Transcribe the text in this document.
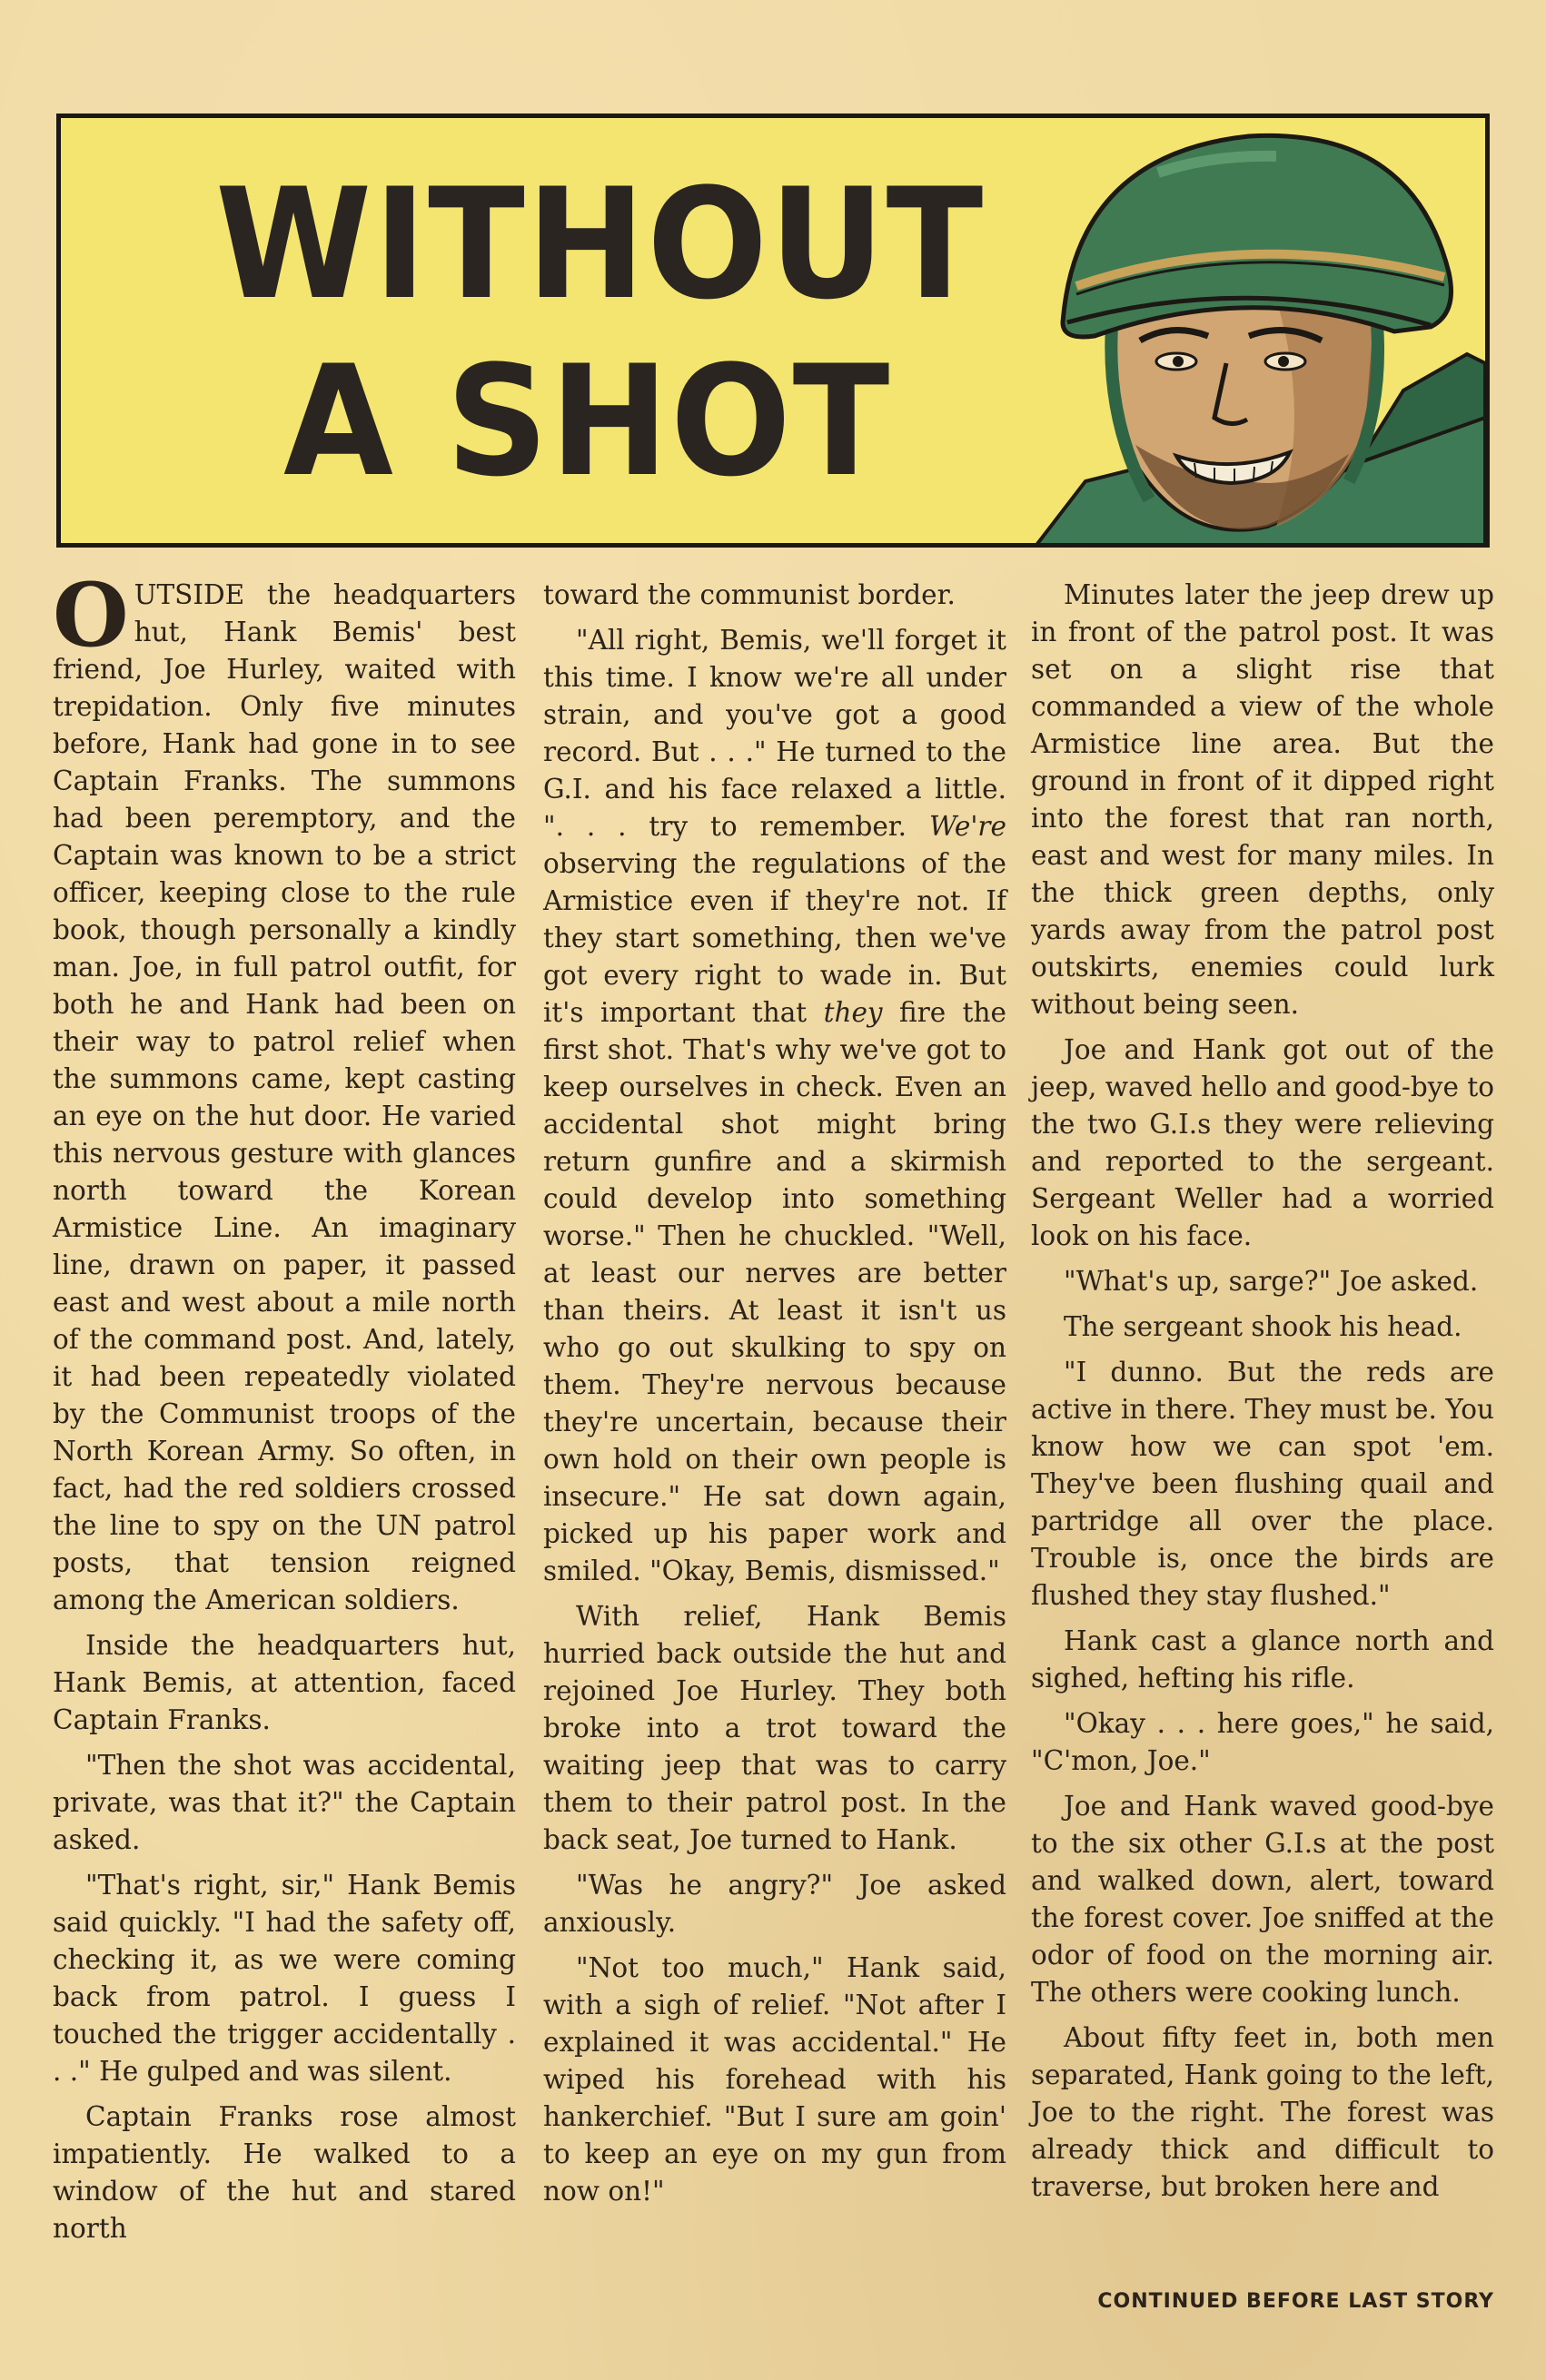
WITHOUT
A SHOT

OUTSIDE the headquarters hut, Hank Bemis' best friend, Joe Hurley, waited with trepidation. Only five minutes before, Hank had gone in to see Captain Franks. The summons had been peremptory, and the Captain was known to be a strict officer, keeping close to the rule book, though personally a kindly man. Joe, in full patrol outfit, for both he and Hank had been on their way to patrol relief when the summons came, kept casting an eye on the hut door. He varied this nervous gesture with glances north toward the Korean Armistice Line. An imaginary line, drawn on paper, it passed east and west about a mile north of the command post. And, lately, it had been repeatedly violated by the Communist troops of the North Korean Army. So often, in fact, had the red soldiers crossed the line to spy on the UN patrol posts, that tension reigned among the American soldiers.

Inside the headquarters hut, Hank Bemis, at attention, faced Captain Franks.

"Then the shot was accidental, private, was that it?" the Captain asked.

"That's right, sir," Hank Bemis said quickly. "I had the safety off, checking it, as we were coming back from patrol. I guess I touched the trigger accidentally . . ." He gulped and was silent.

Captain Franks rose almost impatiently. He walked to a window of the hut and stared north

toward the communist border.

"All right, Bemis, we'll forget it this time. I know we're all under strain, and you've got a good record. But . . ." He turned to the G.I. and his face relaxed a little. ". . . try to remember. We're observing the regulations of the Armistice even if they're not. If they start something, then we've got every right to wade in. But it's important that they fire the first shot. That's why we've got to keep ourselves in check. Even an accidental shot might bring return gunfire and a skirmish could develop into something worse." Then he chuckled. "Well, at least our nerves are better than theirs. At least it isn't us who go out skulking to spy on them. They're nervous because they're uncertain, because their own hold on their own people is insecure." He sat down again, picked up his paper work and smiled. "Okay, Bemis, dismissed."

With relief, Hank Bemis hurried back outside the hut and rejoined Joe Hurley. They both broke into a trot toward the waiting jeep that was to carry them to their patrol post. In the back seat, Joe turned to Hank.

"Was he angry?" Joe asked anxiously.

"Not too much," Hank said, with a sigh of relief. "Not after I explained it was accidental." He wiped his forehead with his hankerchief. "But I sure am goin' to keep an eye on my gun from now on!"

Minutes later the jeep drew up in front of the patrol post. It was set on a slight rise that commanded a view of the whole Armistice line area. But the ground in front of it dipped right into the forest that ran north, east and west for many miles. In the thick green depths, only yards away from the patrol post outskirts, enemies could lurk without being seen.

Joe and Hank got out of the jeep, waved hello and good-bye to the two G.I.s they were relieving and reported to the sergeant. Sergeant Weller had a worried look on his face.

"What's up, sarge?" Joe asked.

The sergeant shook his head.

"I dunno. But the reds are active in there. They must be. You know how we can spot 'em. They've been flushing quail and partridge all over the place. Trouble is, once the birds are flushed they stay flushed."

Hank cast a glance north and sighed, hefting his rifle.

"Okay . . . here goes," he said, "C'mon, Joe."

Joe and Hank waved good-bye to the six other G.I.s at the post and walked down, alert, toward the forest cover. Joe sniffed at the odor of food on the morning air. The others were cooking lunch.

About fifty feet in, both men separated, Hank going to the left, Joe to the right. The forest was already thick and difficult to traverse, but broken here and

CONTINUED BEFORE LAST STORY
